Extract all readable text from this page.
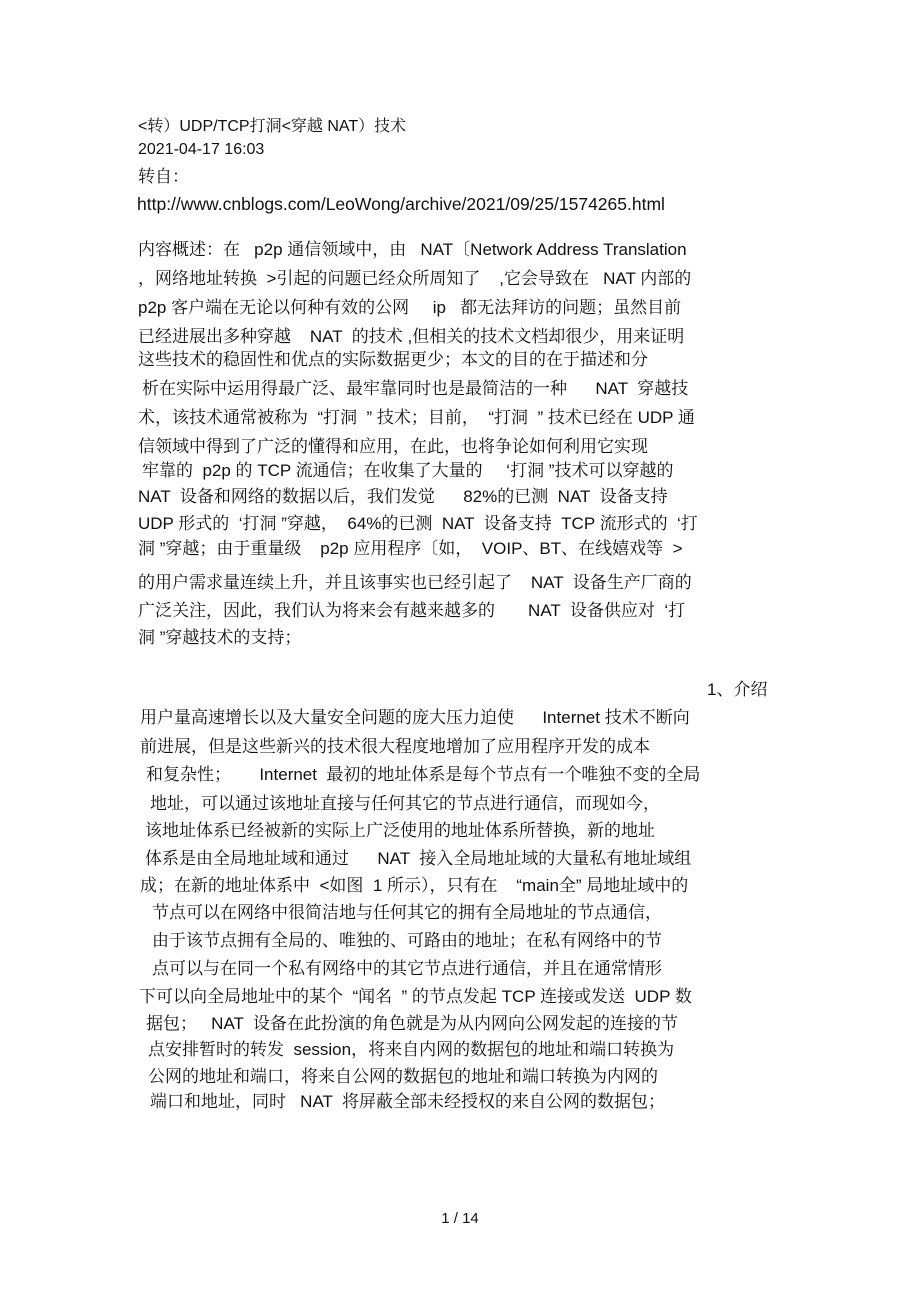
<转）UDP/TCP打洞<穿越 NAT）技术
2021-04-17 16:03
转自：
http://www.cnblogs.com/LeoWong/archive/2021/09/25/1574265.html
内容概述：在   p2p 通信领域中，由   NAT〔Network Address Translation
，网络地址转换  >引起的问题已经众所周知了    ,它会导致在   NAT 内部的
p2p 客户端在无论以何种有效的公网     ip   都无法拜访的问题；虽然目前
已经进展出多种穿越    NAT  的技术 ,但相关的技术文档却很少，用来证明
这些技术的稳固性和优点的实际数据更少；本文的目的在于描述和分
析在实际中运用得最广泛、最牢靠同时也是最简洁的一种      NAT  穿越技
术，该技术通常被称为  “打洞  ” 技术；目前，  “打洞  ” 技术已经在 UDP 通
信领域中得到了广泛的懂得和应用，在此，也将争论如何利用它实现
牢靠的  p2p 的 TCP 流通信；在收集了大量的     ‘打洞 ”技术可以穿越的
NAT  设备和网络的数据以后，我们发觉      82%的已测  NAT  设备支持
UDP 形式的  ‘打洞 ”穿越，  64%的已测  NAT  设备支持  TCP 流形式的  ‘打
洞 ”穿越；由于重量级    p2p 应用程序〔如，  VOIP、BT、在线嬉戏等  >
的用户需求量连续上升，并且该事实也已经引起了    NAT  设备生产厂商的
广泛关注，因此，我们认为将来会有越来越多的       NAT  设备供应对  ‘打
洞 ”穿越技术的支持；
1、介绍
用户量高速增长以及大量安全问题的庞大压力迫使      Internet 技术不断向
前进展，但是这些新兴的技术很大程度地增加了应用程序开发的成本
和复杂性；      Internet  最初的地址体系是每个节点有一个唯独不变的全局
地址，可以通过该地址直接与任何其它的节点进行通信，而现如今，
该地址体系已经被新的实际上广泛使用的地址体系所替换，新的地址
体系是由全局地址域和通过      NAT  接入全局地址域的大量私有地址域组
成；在新的地址体系中  <如图  1 所示），只有在    “main全” 局地址域中的
节点可以在网络中很简洁地与任何其它的拥有全局地址的节点通信，
由于该节点拥有全局的、唯独的、可路由的地址；在私有网络中的节
点可以与在同一个私有网络中的其它节点进行通信，并且在通常情形
下可以向全局地址中的某个  “闻名  ” 的节点发起 TCP 连接或发送  UDP 数
据包；   NAT  设备在此扮演的角色就是为从内网向公网发起的连接的节
点安排暂时的转发  session，将来自内网的数据包的地址和端口转换为
公网的地址和端口，将来自公网的数据包的地址和端口转换为内网的
端口和地址，同时   NAT  将屏蔽全部未经授权的来自公网的数据包；
1 / 14
